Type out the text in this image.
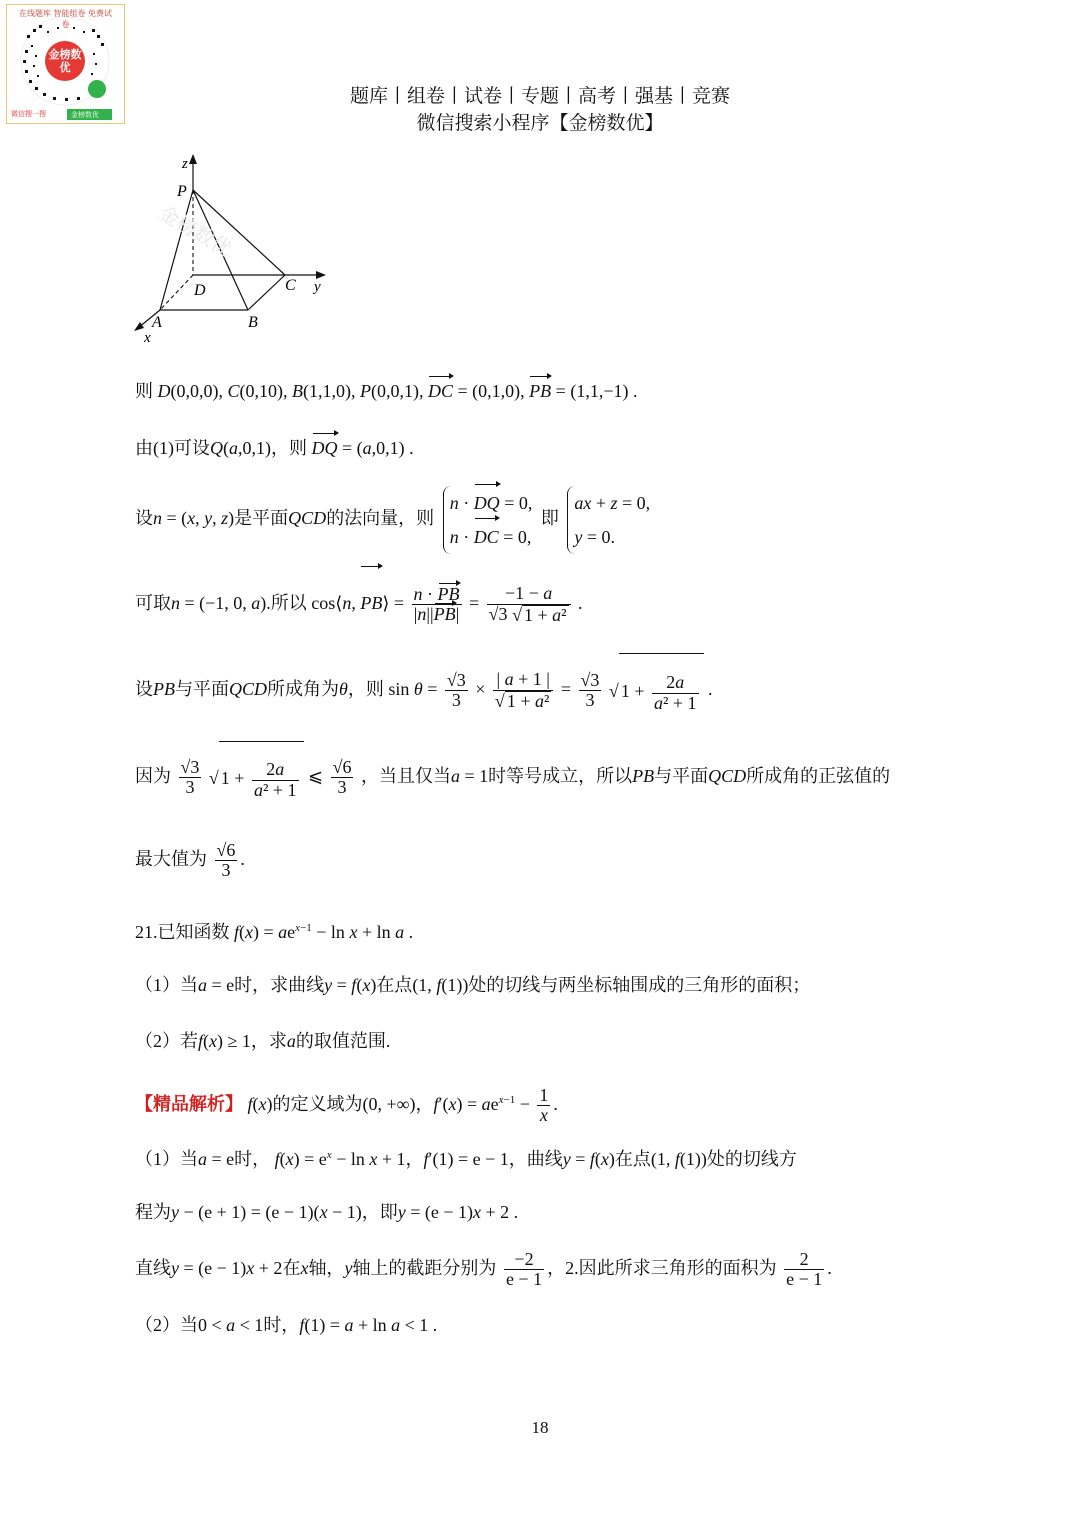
金榜数优
在线题库 智能组卷 免费试卷
微信搜一搜	金榜数优
题库丨组卷丨试卷丨专题丨高考丨强基丨竞赛
微信搜索小程序【金榜数优】
z
P
D	C y
A	B
x
金榜数优
则 D(0,0,0), C(0,10), B(1,1,0), P(0,0,1), DC = (0,1,0), PB = (1,1,−1) .
由(1)可设Q(a,0,1)，则 DQ = (a,0,1) .
设n = (x, y, z)是平面QCD的法向量，则
n · DQ = 0,
n · DC = 0,
即
ax + z = 0,
y = 0.
可取n = (−1, 0, a).所以 cos⟨n, PB⟩ = $\frac{n \cdot PB}{|n||PB|} = \frac{-1 - a}{\text{√3 √ 1 + a²}}$ .
设PB与平面QCD所成角为θ，则 $\sin \theta = \frac{√3}{3} \times \frac{| a + 1 |}{\text{√ 1 + a²}} = \frac{√3}{3}$ √ $1 + \frac{2a}{\text{a² + 1}}$ .
因为 $\frac{√3}{3}$ √ $1 + \frac{2a}{\text{a² + 1}}$ ⩽ $\frac{√6}{3}$ ，当且仅当a = 1时等号成立，所以PB与平面QCD所成角的正弦值的
最大值为 $\frac{√6}{3}$ .
21.已知函数 $f(x) = ae^{x-1} - \ln x + \ln a$ .
（1）当a = e时，求曲线y = f(x)在点(1, f(1))处的切线与两坐标轴围成的三角形的面积；
（2）若f(x) ≥ 1，求a的取值范围.
【精品解析】 f(x)的定义域为(0, +∞)，$f'(x) = ae^{x-1} - \frac{1}{x}$ .
（1）当a = e时， $f(x) = e^x - \ln x + 1$，f′(1) = e − 1，曲线y = f(x)在点(1, f(1))处的切线方
程为y − (e + 1) = (e − 1)(x − 1)，即y = (e − 1)x + 2 .
直线y = (e − 1)x + 2在x轴，y轴上的截距分别为 $\frac{-2}{e - 1}$ ，2.因此所求三角形的面积为 $\frac{2}{e - 1}$ .
（2）当0 < a < 1时，f(1) = a + ln a < 1 .
18
